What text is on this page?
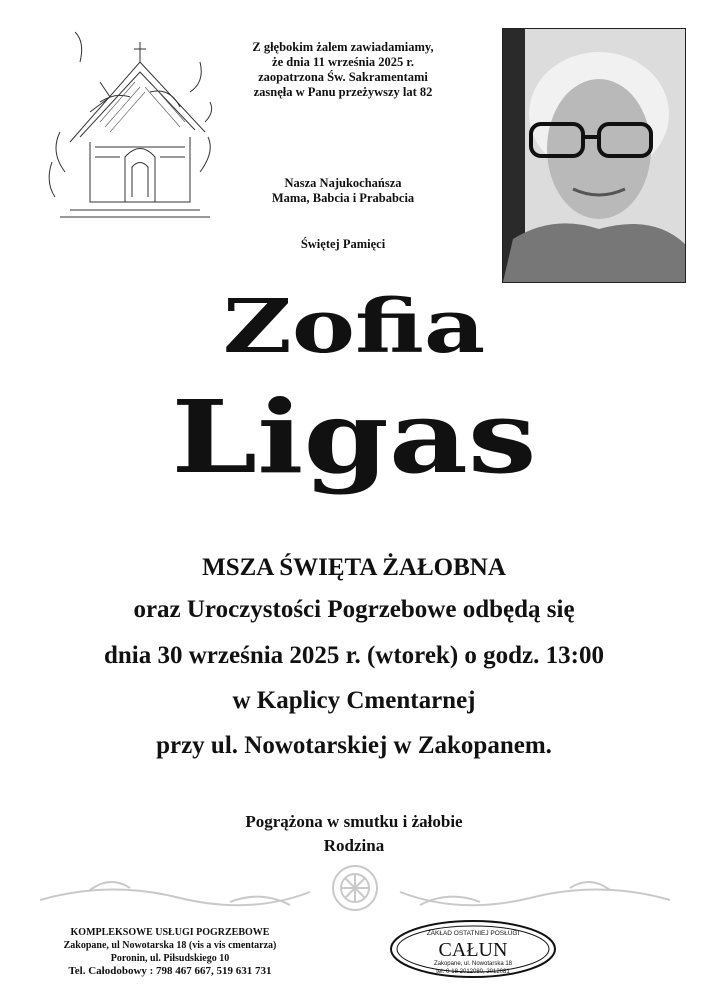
Z głębokim żalem zawiadamiamy,
że dnia 11 września 2025 r.
zaopatrzona Św. Sakramentami
zasnęła w Panu przeżywszy lat 82
Nasza Najukochańsza
Mama, Babcia i Prababcia
Świętej Pamięci
Zofia
Ligas
MSZA ŚWIĘTA ŻAŁOBNA
oraz Uroczystości Pogrzebowe odbędą się
dnia 30 września 2025 r. (wtorek) o godz. 13:00
w Kaplicy Cmentarnej
przy ul. Nowotarskiej w Zakopanem.
Pogrążona w smutku i żałobie
Rodzina
KOMPLEKSOWE USŁUGI POGRZEBOWE
Zakopane, ul Nowotarska 18 (vis a vis cmentarza)
Poronin, ul. Piłsudskiego 10
Tel. Całodobowy : 798 467 667, 519 631 731
ZAKŁAD OSTATNIEJ POSŁUGI
CAŁUN
Zakopane, ul. Nowotarska 18
tel. 0-18 2012080, 2012081
